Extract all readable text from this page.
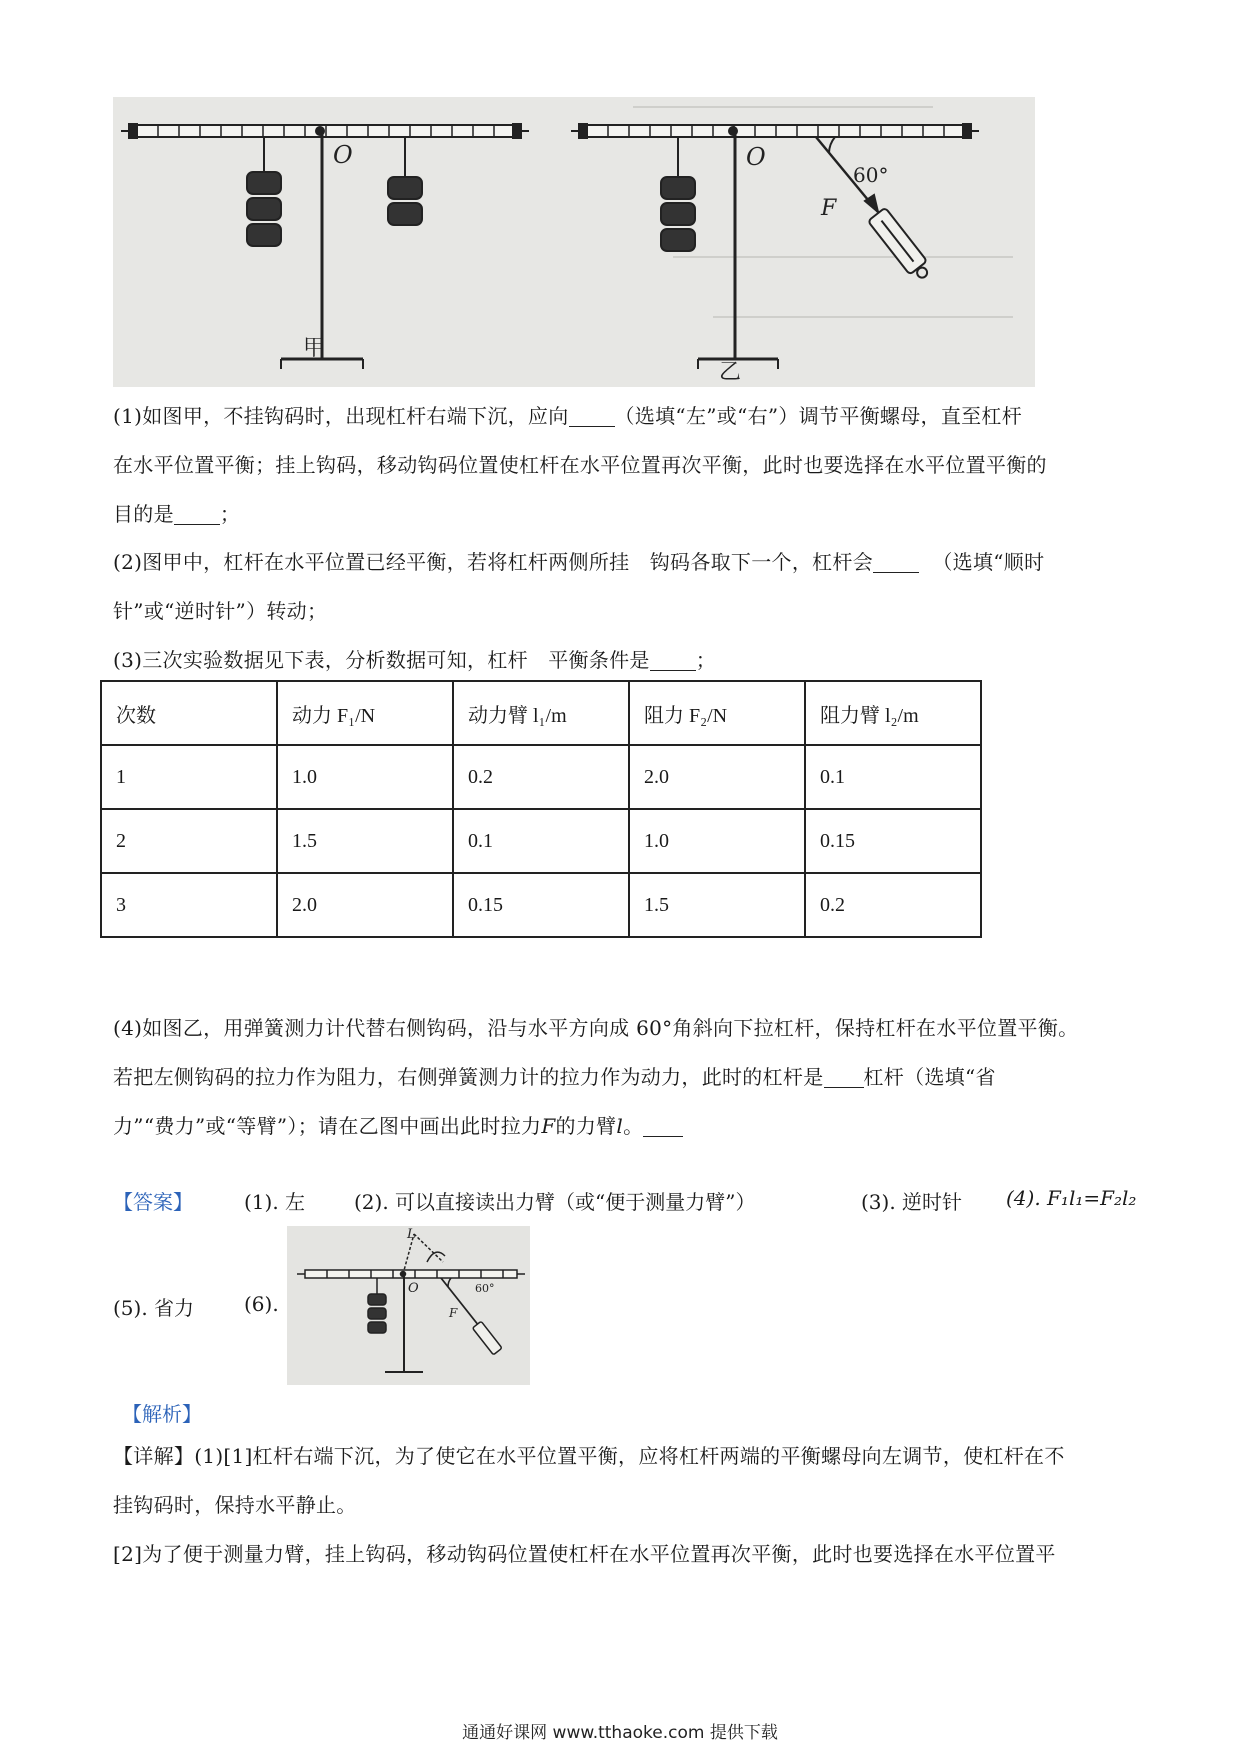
O
甲
O
60°
F
乙
(1)如图甲，不挂钩码时，出现杠杆右端下沉，应向 （选填“左”或“右”）调节平衡螺母，直至杠杆
在水平位置平衡；挂上钩码，移动钩码位置使杠杆在水平位置再次平衡，此时也要选择在水平位置平衡的
目的是 ；
(2)图甲中，杠杆在水平位置已经平衡，若将杠杆两侧所挂　钩码各取下一个，杠杆会	（选填“顺时
针”或“逆时针”）转动；
(3)三次实验数据见下表，分析数据可知，杠杆　平衡条件是 ；
次数	动力 F₁/N	动力臂 l₁/m	阻力 F₂/N	阻力臂 l₂/m
1	1.0	0.2	2.0	0.1
2	1.5	0.1	1.0	0.15
3	2.0	0.15	1.5	0.2
(4)如图乙，用弹簧测力计代替右侧钩码，沿与水平方向成 60°角斜向下拉杠杆，保持杠杆在水平位置平衡。
若把左侧钩码的拉力作为阻力，右侧弹簧测力计的拉力作为动力，此时的杠杆是 杠杆（选填“省
力”“费力”或“等臂”）；请在乙图中画出此时拉力F的力臂l。
【答案】	(1). 左 (2). 可以直接读出力臂（或“便于测量力臂”）	(3). 逆时针 (4). F₁l₁=F₂l₂
(5). 省力 (6).
L
O	60°
F
【解析】
【详解】(1)[1]杠杆右端下沉，为了使它在水平位置平衡，应将杠杆两端的平衡螺母向左调节，使杠杆在不
挂钩码时，保持水平静止。
[2]为了便于测量力臂，挂上钩码，移动钩码位置使杠杆在水平位置再次平衡，此时也要选择在水平位置平
通通好课网 www.tthaoke.com 提供下载
